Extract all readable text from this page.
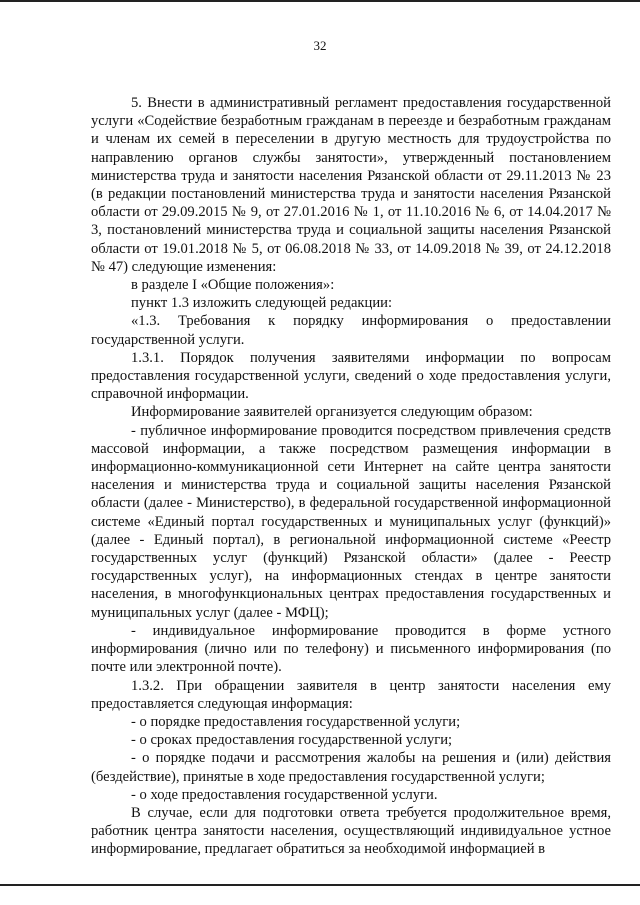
32

5. Внести в административный регламент предоставления государственной услуги «Содействие безработным гражданам в переезде и безработным гражданам и членам их семей в переселении в другую местность для трудоустройства по направлению органов службы занятости», утвержденный постановлением министерства труда и занятости населения Рязанской области от 29.11.2013 № 23 (в редакции постановлений министерства труда и занятости населения Рязанской области от 29.09.2015 № 9, от 27.01.2016 № 1, от 11.10.2016 № 6, от 14.04.2017 № 3, постановлений министерства труда и социальной защиты населения Рязанской области от 19.01.2018 № 5, от 06.08.2018 № 33, от 14.09.2018 № 39, от 24.12.2018 № 47) следующие изменения:

в разделе I «Общие положения»:

пункт 1.3 изложить следующей редакции:

«1.3. Требования к порядку информирования о предоставлении государственной услуги.

1.3.1. Порядок получения заявителями информации по вопросам предоставления государственной услуги, сведений о ходе предоставления услуги, справочной информации.

Информирование заявителей организуется следующим образом:

- публичное информирование проводится посредством привлечения средств массовой информации, а также посредством размещения информации в информационно-коммуникационной сети Интернет на сайте центра занятости населения и министерства труда и социальной защиты населения Рязанской области (далее - Министерство), в федеральной государственной информационной системе «Единый портал государственных и муниципальных услуг (функций)» (далее - Единый портал), в региональной информационной системе «Реестр государственных услуг (функций) Рязанской области» (далее - Реестр государственных услуг), на информационных стендах в центре занятости населения, в многофункциональных центрах предоставления государственных и муниципальных услуг (далее - МФЦ);

- индивидуальное информирование проводится в форме устного информирования (лично или по телефону) и письменного информирования (по почте или электронной почте).

1.3.2. При обращении заявителя в центр занятости населения ему предоставляется следующая информация:

- о порядке предоставления государственной услуги;

- о сроках предоставления государственной услуги;

- о порядке подачи и рассмотрения жалобы на решения и (или) действия (бездействие), принятые в ходе предоставления государственной услуги;

- о ходе предоставления государственной услуги.

В случае, если для подготовки ответа требуется продолжительное время, работник центра занятости населения, осуществляющий индивидуальное устное информирование, предлагает обратиться за необходимой информацией в
